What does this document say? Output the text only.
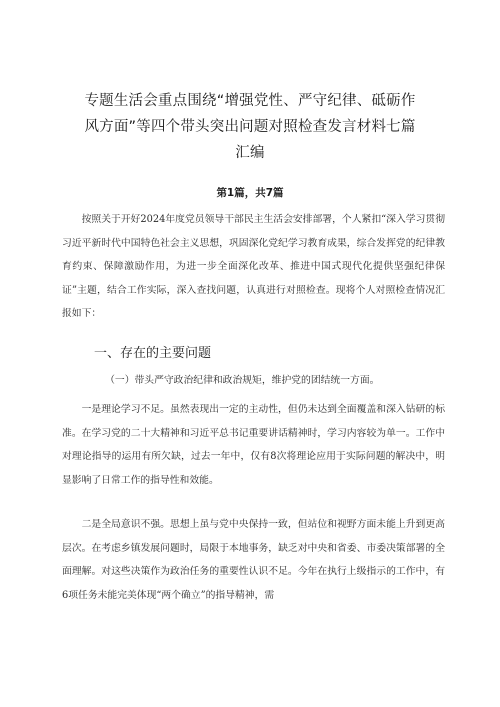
专题生活会重点围绕“增强党性、严守纪律、砥砺作风方面”等四个带头突出问题对照检查发言材料七篇汇编
第1篇，共7篇

按照关于开好2024年度党员领导干部民主生活会安排部署，个人紧扣“深入学习贯彻习近平新时代中国特色社会主义思想，巩固深化党纪学习教育成果，综合发挥党的纪律教育约束、保障激励作用，为进一步全面深化改革、推进中国式现代化提供坚强纪律保证”主题，结合工作实际，深入查找问题，认真进行对照检查。现将个人对照检查情况汇报如下：

一、存在的主要问题

（一）带头严守政治纪律和政治规矩，维护党的团结统一方面。

一是理论学习不足。虽然表现出一定的主动性，但仍未达到全面覆盖和深入钻研的标准。在学习党的二十大精神和习近平总书记重要讲话精神时，学习内容较为单一。工作中对理论指导的运用有所欠缺，过去一年中，仅有8次将理论应用于实际问题的解决中，明显影响了日常工作的指导性和效能。

二是全局意识不强。思想上虽与党中央保持一致，但站位和视野方面未能上升到更高层次。在考虑乡镇发展问题时，局限于本地事务，缺乏对中央和省委、市委决策部署的全面理解。对这些决策作为政治任务的重要性认识不足。今年在执行上级指示的工作中，有6项任务未能完美体现“两个确立”的指导精神，需
